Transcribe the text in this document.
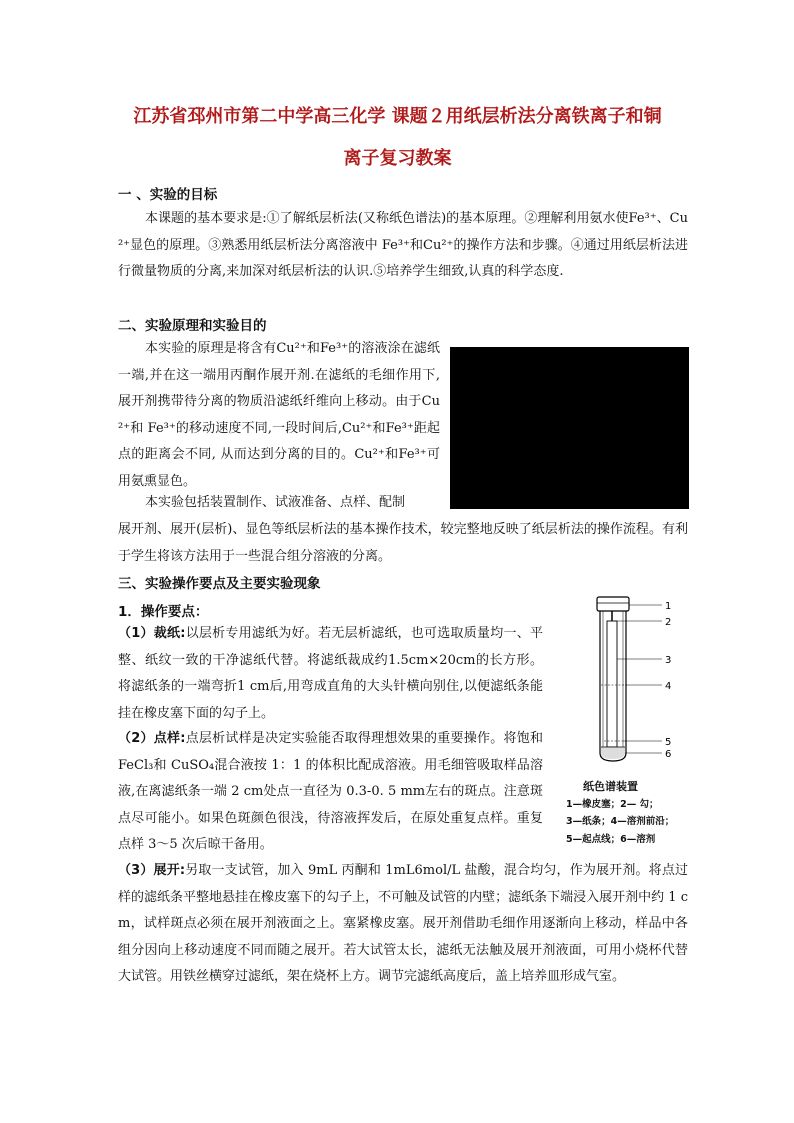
江苏省邳州市第二中学高三化学 课题２用纸层析法分离铁离子和铜
离子复习教案
一 、实验的目标

本课题的基本要求是:①了解纸层析法(又称纸色谱法)的基本原理。②理解利用氨水使Fe³⁺、Cu²⁺显色的原理。③熟悉用纸层析法分离溶液中 Fe³⁺和Cu²⁺的操作方法和步骤。④通过用纸层析法进行微量物质的分离,来加深对纸层析法的认识.⑤培养学生细致,认真的科学态度.

二、实验原理和实验目的

本实验的原理是将含有Cu²⁺和Fe³⁺的溶液涂在滤纸一端,并在这一端用丙酮作展开剂.在滤纸的毛细作用下,展开剂携带待分离的物质沿滤纸纤维向上移动。由于Cu²⁺和 Fe³⁺的移动速度不同,一段时间后,Cu²⁺和Fe³⁺距起点的距离会不同, 从而达到分离的目的。Cu²⁺和Fe³⁺可用氨熏显色。

本实验包括装置制作、试液准备、点样、配制

展开剂、展开(层析)、显色等纸层析法的基本操作技术，较完整地反映了纸层析法的操作流程。有利于学生将该方法用于一些混合组分溶液的分离。

三、实验操作要点及主要实验现象
1．操作要点：

（1）裁纸:以层析专用滤纸为好。若无层析滤纸，也可选取质量均一、平整、纸纹一致的干净滤纸代替。将滤纸裁成约1.5cm×20cm的长方形。将滤纸条的一端弯折1 cm后,用弯成直角的大头针横向别住,以便滤纸条能挂在橡皮塞下面的勾子上。

（2）点样:点层析试样是决定实验能否取得理想效果的重要操作。将饱和 FeCl₃和 CuSO₄混合液按 1：1 的体积比配成溶液。用毛细管吸取样品溶液,在离滤纸条一端 2 cm处点一直径为 0.3-0. 5 mm左右的斑点。注意斑点尽可能小。如果色斑颜色很浅，待溶液挥发后，在原处重复点样。重复点样 3～5 次后晾干备用。

（3）展开:另取一支试管，加入 9mL 丙酮和 1mL6mol/L 盐酸，混合均匀，作为展开剂。将点过样的滤纸条平整地悬挂在橡皮塞下的勾子上，不可触及试管的内壁；滤纸条下端浸入展开剂中约 1 cm，试样斑点必须在展开剂液面之上。塞紧橡皮塞。展开剂借助毛细作用逐渐向上移动，样品中各组分因向上移动速度不同而随之展开。若大试管太长，滤纸无法触及展开剂液面，可用小烧杯代替大试管。用铁丝横穿过滤纸，架在烧杯上方。调节完滤纸高度后，盖上培养皿形成气室。

1
2
3
4
5
6
纸色谱装置
1—橡皮塞；2— 勾；
3—纸条；4—溶剂前沿；
5—起点线；6—溶剂
